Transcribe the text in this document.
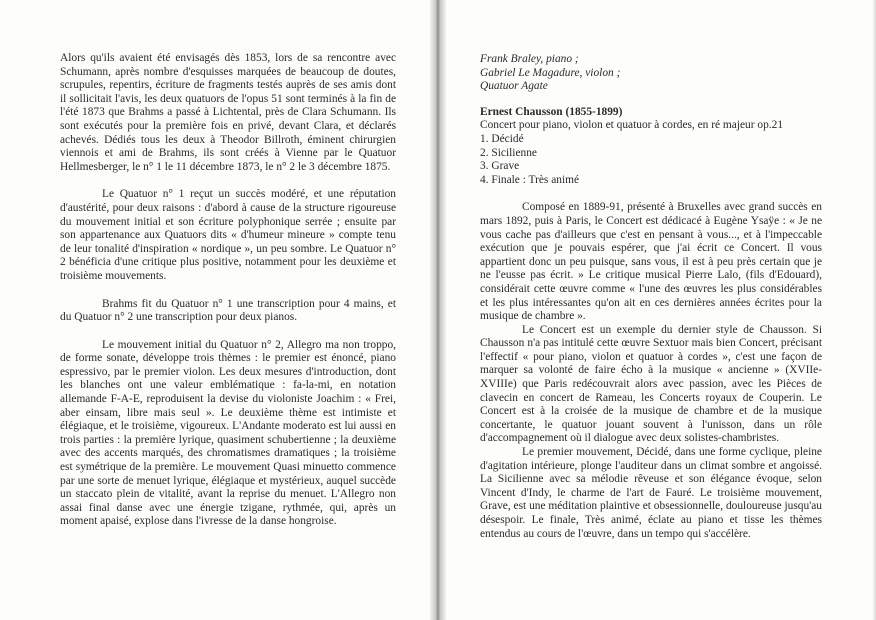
Alors qu'ils avaient été envisagés dès 1853, lors de sa rencontre avec Schumann, après nombre d'esquisses marquées de beaucoup de doutes, scrupules, repentirs, écriture de fragments testés auprès de ses amis dont il sollicitait l'avis, les deux quatuors de l'opus 51 sont terminés à la fin de l'été 1873 que Brahms a passé à Lichtental, près de Clara Schumann. Ils sont exécutés pour la première fois en privé, devant Clara, et déclarés achevés. Dédiés tous les deux à Theodor Billroth, éminent chirurgien viennois et ami de Brahms, ils sont créés à Vienne par le Quatuor Hellmesberger, le n° 1 le 11 décembre 1873, le n° 2 le 3 décembre 1875.

Le Quatuor n° 1 reçut un succès modéré, et une réputation d'austérité, pour deux raisons : d'abord à cause de la structure rigoureuse du mouvement initial et son écriture polyphonique serrée ; ensuite par son appartenance aux Quatuors dits « d'humeur mineure » compte tenu de leur tonalité d'inspiration « nordique », un peu sombre. Le Quatuor n° 2 bénéficia d'une critique plus positive, notamment pour les deuxième et troisième mouvements.

Brahms fit du Quatuor n° 1 une transcription pour 4 mains, et du Quatuor n° 2 une transcription pour deux pianos.

Le mouvement initial du Quatuor n° 2, Allegro ma non troppo, de forme sonate, développe trois thèmes : le premier est énoncé, piano espressivo, par le premier violon. Les deux mesures d'introduction, dont les blanches ont une valeur emblématique : fa-la-mi, en notation allemande F-A-E, reproduisent la devise du violoniste Joachim : « Frei, aber einsam, libre mais seul ». Le deuxième thème est intimiste et élégiaque, et le troisième, vigoureux. L'Andante moderato est lui aussi en trois parties : la première lyrique, quasiment schubertienne ; la deuxième avec des accents marqués, des chromatismes dramatiques ; la troisième est symétrique de la première. Le mouvement Quasi minuetto commence par une sorte de menuet lyrique, élégiaque et mystérieux, auquel succède un staccato plein de vitalité, avant la reprise du menuet. L'Allegro non assai final danse avec une énergie tzigane, rythmée, qui, après un moment apaisé, explose dans l'ivresse de la danse hongroise.

Frank Braley, piano ;

Gabriel Le Magadure, violon ;

Quatuor Agate

Ernest Chausson (1855-1899)

Concert pour piano, violon et quatuor à cordes, en ré majeur op.21

1. Décidé

2. Sicilienne

3. Grave

4. Finale : Très animé

Composé en 1889-91, présenté à Bruxelles avec grand succès en mars 1892, puis à Paris, le Concert est dédicacé à Eugène Ysaÿe : « Je ne vous cache pas d'ailleurs que c'est en pensant à vous..., et à l'impeccable exécution que je pouvais espérer, que j'ai écrit ce Concert. Il vous appartient donc un peu puisque, sans vous, il est à peu près certain que je ne l'eusse pas écrit. » Le critique musical Pierre Lalo, (fils d'Edouard), considérait cette œuvre comme « l'une des œuvres les plus considérables et les plus intéressantes qu'on ait en ces dernières années écrites pour la musique de chambre ».

Le Concert est un exemple du dernier style de Chausson. Si Chausson n'a pas intitulé cette œuvre Sextuor mais bien Concert, précisant l'effectif « pour piano, violon et quatuor à cordes », c'est une façon de marquer sa volonté de faire écho à la musique « ancienne » (XVIIe-XVIIIe) que Paris redécouvrait alors avec passion, avec les Pièces de clavecin en concert de Rameau, les Concerts royaux de Couperin. Le Concert est à la croisée de la musique de chambre et de la musique concertante, le quatuor jouant souvent à l'unisson, dans un rôle d'accompagnement où il dialogue avec deux solistes-chambristes.

Le premier mouvement, Décidé, dans une forme cyclique, pleine d'agitation intérieure, plonge l'auditeur dans un climat sombre et angoissé. La Sicilienne avec sa mélodie rêveuse et son élégance évoque, selon Vincent d'Indy, le charme de l'art de Fauré. Le troisième mouvement, Grave, est une méditation plaintive et obsessionnelle, douloureuse jusqu'au désespoir. Le finale, Très animé, éclate au piano et tisse les thèmes entendus au cours de l'œuvre, dans un tempo qui s'accélère.
